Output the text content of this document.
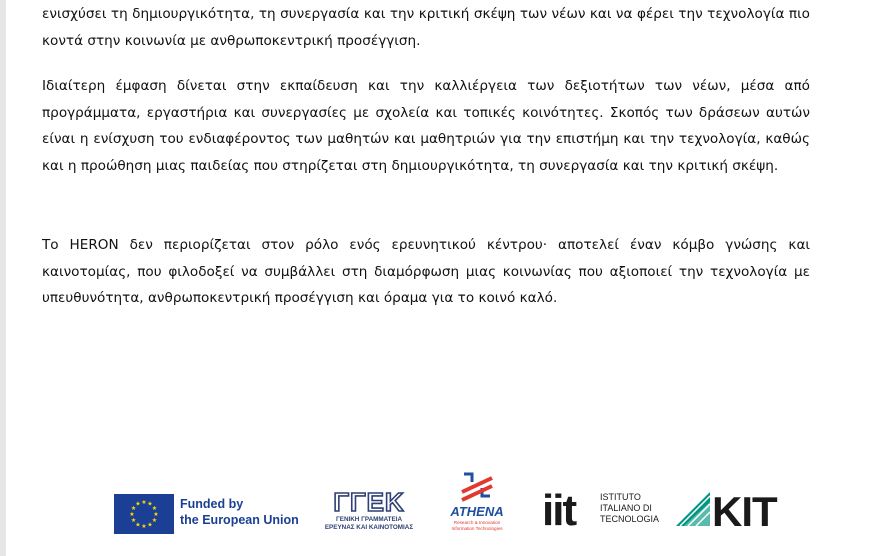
ενισχύσει τη δημιουργικότητα, τη συνεργασία και την κριτική σκέψη των νέων και να φέρει την τεχνολογία πιο κοντά στην κοινωνία με ανθρωποκεντρική προσέγγιση.

Ιδιαίτερη έμφαση δίνεται στην εκπαίδευση και την καλλιέργεια των δεξιοτήτων των νέων, μέσα από προγράμματα, εργαστήρια και συνεργασίες με σχολεία και τοπικές κοινότητες. Σκοπός των δράσεων αυτών είναι η ενίσχυση του ενδιαφέροντος των μαθητών και μαθητριών για την επιστήμη και την τεχνολογία, καθώς και η προώθηση μιας παιδείας που στηρίζεται στη δημιουργικότητα, τη συνεργασία και την κριτική σκέψη.

Το HERON δεν περιορίζεται στον ρόλο ενός ερευνητικού κέντρου· αποτελεί έναν κόμβο γνώσης και καινοτομίας, που φιλοδοξεί να συμβάλλει στη διαμόρφωση μιας κοινωνίας που αξιοποιεί την τεχνολογία με υπευθυνότητα, ανθρωποκεντρική προσέγγιση και όραμα για το κοινό καλό.

★
★
★
★
★
★
★
★
★ ★ ★
★ Funded by
the European Union
ΓΓΕΚ
ΓΕΝΙΚΗ ΓΡΑΜΜΑΤΕΙΑ
ΕΡΕΥΝΑΣ ΚΑΙ ΚΑΙΝΟΤΟΜΙΑΣ
ATHENA
Research & Innovation
Information Technologies iit	ISTITUTO
ITALIANO DI
TECNOLOGIA KIT
